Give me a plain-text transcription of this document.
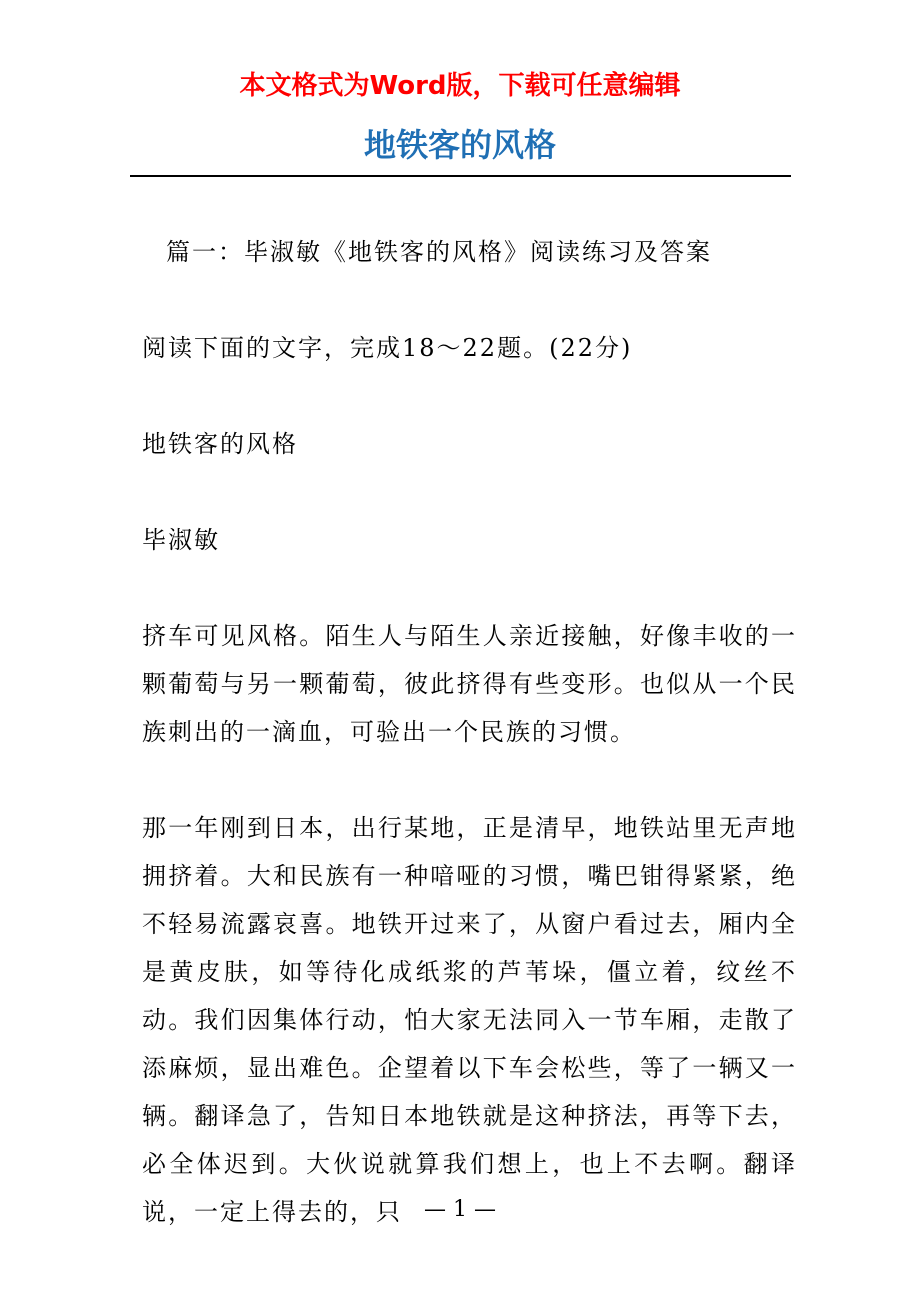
本文格式为Word版，下载可任意编辑

地铁客的风格

篇一：毕淑敏《地铁客的风格》阅读练习及答案

阅读下面的文字，完成18～22题。(22分)

地铁客的风格

毕淑敏

挤车可见风格。陌生人与陌生人亲近接触，好像丰收的一颗葡萄与另一颗葡萄，彼此挤得有些变形。也似从一个民族刺出的一滴血，可验出一个民族的习惯。

那一年刚到日本，出行某地，正是清早，地铁站里无声地拥挤着。大和民族有一种喑哑的习惯，嘴巴钳得紧紧，绝不轻易流露哀喜。地铁开过来了，从窗户看过去，厢内全是黄皮肤，如等待化成纸浆的芦苇垛，僵立着，纹丝不动。我们因集体行动，怕大家无法同入一节车厢，走散了添麻烦，显出难色。企望着以下车会松些，等了一辆又一辆。翻译急了，告知日本地铁就是这种挤法，再等下去，必全体迟到。大伙说就算我们想上，也上不去啊。翻译说，一定上得去的，只	— 1 —
